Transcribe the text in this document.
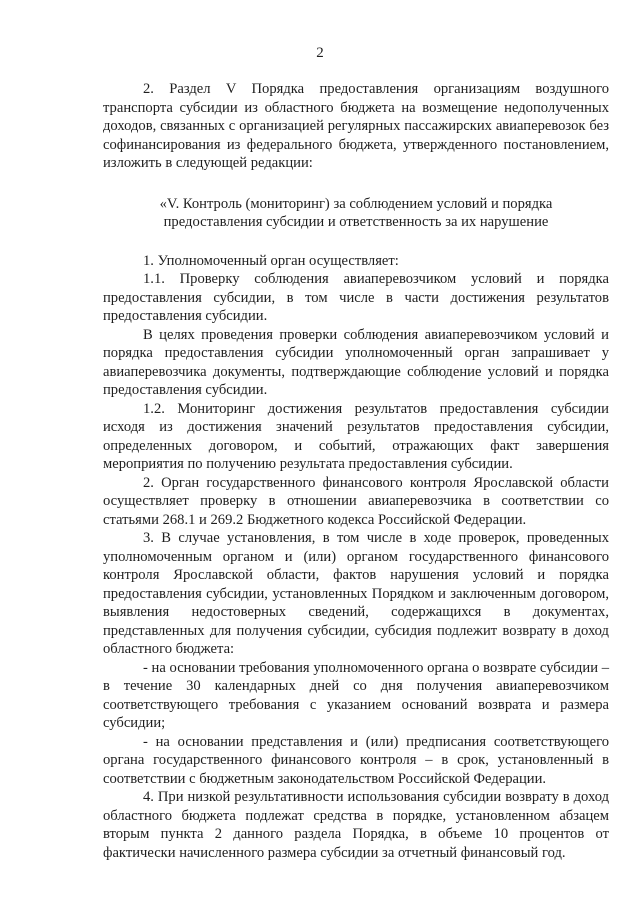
2

2. Раздел V Порядка предоставления организациям воздушного транспорта субсидии из областного бюджета на возмещение недополученных доходов, связанных с организацией регулярных пассажирских авиаперевозок без софинансирования из федерального бюджета, утвержденного постановлением, изложить в следующей редакции:

«V. Контроль (мониторинг) за соблюдением условий и порядка
предоставления субсидии и ответственность за их нарушение

1. Уполномоченный орган осуществляет:

1.1. Проверку соблюдения авиаперевозчиком условий и порядка предоставления субсидии, в том числе в части достижения результатов предоставления субсидии.

В целях проведения проверки соблюдения авиаперевозчиком условий и порядка предоставления субсидии уполномоченный орган запрашивает у авиаперевозчика документы, подтверждающие соблюдение условий и порядка предоставления субсидии.

1.2. Мониторинг достижения результатов предоставления субсидии исходя из достижения значений результатов предоставления субсидии, определенных договором, и событий, отражающих факт завершения мероприятия по получению результата предоставления субсидии.

2. Орган государственного финансового контроля Ярославской области осуществляет проверку в отношении авиаперевозчика в соответствии со статьями 268.1 и 269.2 Бюджетного кодекса Российской Федерации.

3. В случае установления, в том числе в ходе проверок, проведенных уполномоченным органом и (или) органом государственного финансового контроля Ярославской области, фактов нарушения условий и порядка предоставления субсидии, установленных Порядком и заключенным договором, выявления недостоверных сведений, содержащихся в документах, представленных для получения субсидии, субсидия подлежит возврату в доход областного бюджета:

- на основании требования уполномоченного органа о возврате субсидии – в течение 30 календарных дней со дня получения авиаперевозчиком соответствующего требования с указанием оснований возврата и размера субсидии;

- на основании представления и (или) предписания соответствующего органа государственного финансового контроля – в срок, установленный в соответствии с бюджетным законодательством Российской Федерации.

4. При низкой результативности использования субсидии возврату в доход областного бюджета подлежат средства в порядке, установленном абзацем вторым пункта 2 данного раздела Порядка, в объеме 10 процентов от фактически начисленного размера субсидии за отчетный финансовый год.
